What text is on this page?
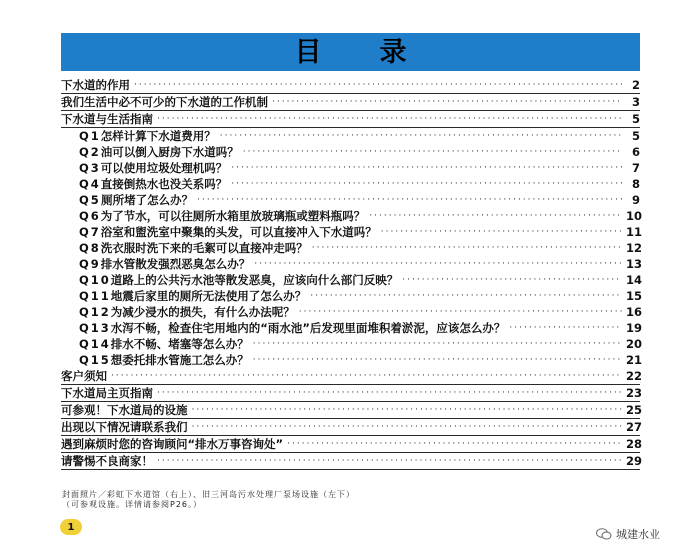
目录
下水道的作用 ·····	2
我们生活中必不可少的下水道的工作机制 ·····	3
下水道与生活指南 ·····	5
Q1 怎样计算下水道费用？ ·····	5
Q2 油可以倒入厨房下水道吗？ ·····	6
Q3 可以使用垃圾处理机吗？ ·····	7
Q4 直接倒热水也没关系吗？ ·····	8
Q5 厕所堵了怎么办？ ·····	9
Q6 为了节水，可以往厕所水箱里放玻璃瓶或塑料瓶吗？ ·····	10
Q7 浴室和盥洗室中聚集的头发，可以直接冲入下水道吗？ ·····	11
Q8 洗衣服时洗下来的毛絮可以直接冲走吗？ ·····	12
Q9 排水管散发强烈恶臭怎么办？ ·····	13
Q10 道路上的公共污水池等散发恶臭，应该向什么部门反映？ ·····	14
Q11 地震后家里的厕所无法使用了怎么办？ ·····	15
Q12 为减少浸水的损失，有什么办法呢？ ·····	16
Q13 水泻不畅，检查住宅用地内的“雨水池”后发现里面堆积着淤泥，应该怎么办？ ·····	19
Q14 排水不畅、堵塞等怎么办？ ·····	20
Q15 想委托排水管施工怎么办？ ·····	21
客户须知 ·····	22
下水道局主页指南 ·····	23
可参观！下水道局的设施 ·····	25
出现以下情况请联系我们 ·····	27
遇到麻烦时您的咨询顾问“排水万事咨询处” ·····	28
请警惕不良商家！ ·····	29
封面照片／彩虹下水道馆（右上）、旧三河岛污水处理厂泵场设施（左下）
（可参观设施。详情请参阅P26。）
1
城建水业
